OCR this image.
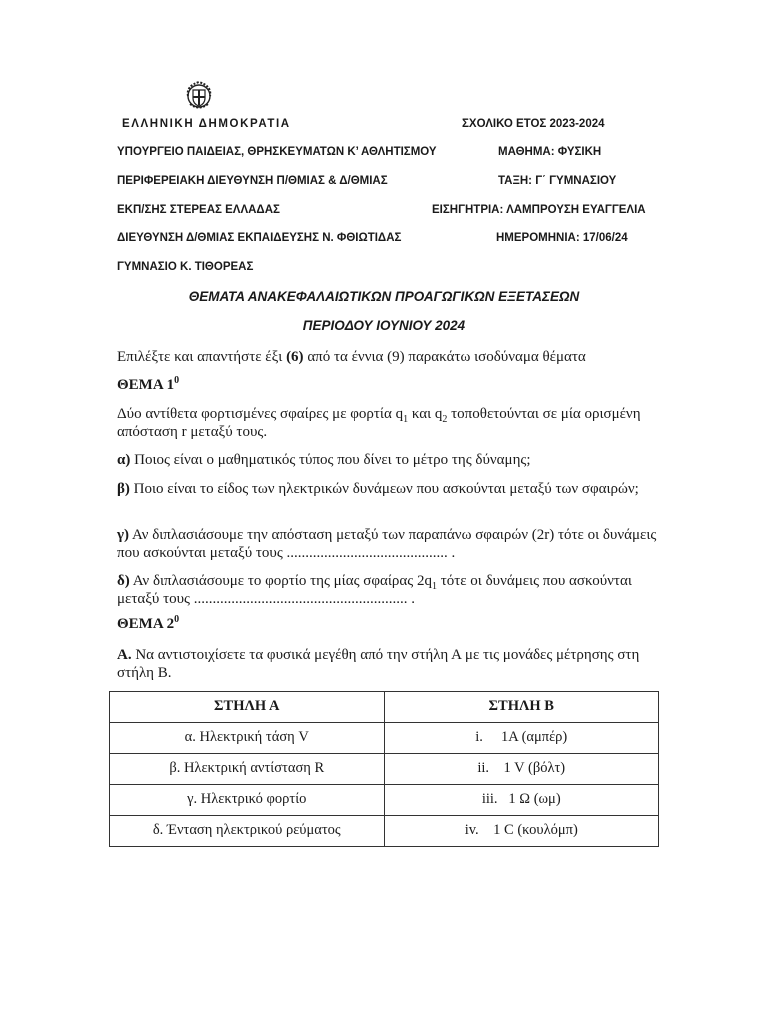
ΕΛΛΗΝΙΚΗ ΔΗΜΟΚΡΑΤΙΑ	ΣΧΟΛΙΚΟ ΕΤΟΣ 2023-2024
ΥΠΟΥΡΓΕΙΟ ΠΑΙΔΕΙΑΣ, ΘΡΗΣΚΕΥΜΑΤΩΝ Κ’ ΑΘΛΗΤΙΣΜΟΥ	ΜΑΘΗΜΑ: ΦΥΣΙΚΗ
ΠΕΡΙΦΕΡΕΙΑΚΗ ΔΙΕΥΘΥΝΣΗ Π/ΘΜΙΑΣ & Δ/ΘΜΙΑΣ	ΤΑΞΗ: Γ΄ ΓΥΜΝΑΣΙΟΥ
ΕΚΠ/ΣΗΣ ΣΤΕΡΕΑΣ ΕΛΛΑΔΑΣ	ΕΙΣΗΓΗΤΡΙΑ: ΛΑΜΠΡΟΥΣΗ ΕΥΑΓΓΕΛΙΑ
ΔΙΕΥΘΥΝΣΗ Δ/ΘΜΙΑΣ ΕΚΠΑΙΔΕΥΣΗΣ Ν. ΦΘΙΩΤΙΔΑΣ	ΗΜΕΡΟΜΗΝΙΑ: 17/06/24
ΓΥΜΝΑΣΙΟ Κ. ΤΙΘΟΡΕΑΣ
ΘΕΜΑΤΑ ΑΝΑΚΕΦΑΛΑΙΩΤΙΚΩΝ ΠΡΟΑΓΩΓΙΚΩΝ ΕΞΕΤΑΣΕΩΝ
ΠΕΡΙΟΔΟΥ ΙΟΥΝΙΟΥ 2024
Επιλέξτε και απαντήστε έξι (6) από τα έννια (9) παρακάτω ισοδύναμα θέματα
ΘΕΜΑ $1^0$
Δύο αντίθετα φορτισμένες σφαίρες με φορτία $q_1$ και $q_2$ τοποθετούνται σε μία ορισμένη απόσταση r μεταξύ τους.
α) Ποιος είναι ο μαθηματικός τύπος που δίνει το μέτρο της δύναμης;
β) Ποιο είναι το είδος των ηλεκτρικών δυνάμεων που ασκούνται μεταξύ των σφαιρών;
γ) Αν διπλασιάσουμε την απόσταση μεταξύ των παραπάνω σφαιρών (2r) τότε οι δυνάμεις που ασκούνται μεταξύ τους ........................................... .
δ) Αν διπλασιάσουμε το φορτίο της μίας σφαίρας $2q_1$ τότε οι δυνάμεις που ασκούνται μεταξύ τους ......................................................... .
ΘΕΜΑ $2^0$
Α. Να αντιστοιχίσετε τα φυσικά μεγέθη από την στήλη Α με τις μονάδες μέτρησης στη στήλη Β.
ΣΤΗΛΗ Α	ΣΤΗΛΗ Β
α. Ηλεκτρική τάση V	i.     1A (αμπέρ)
β. Ηλεκτρική αντίσταση R	ii.    1 V (βόλτ)
γ. Ηλεκτρικό φορτίο	iii.   1 Ω (ωμ)
δ. Ένταση ηλεκτρικού ρεύματος	iv.    1 C (κουλόμπ)
